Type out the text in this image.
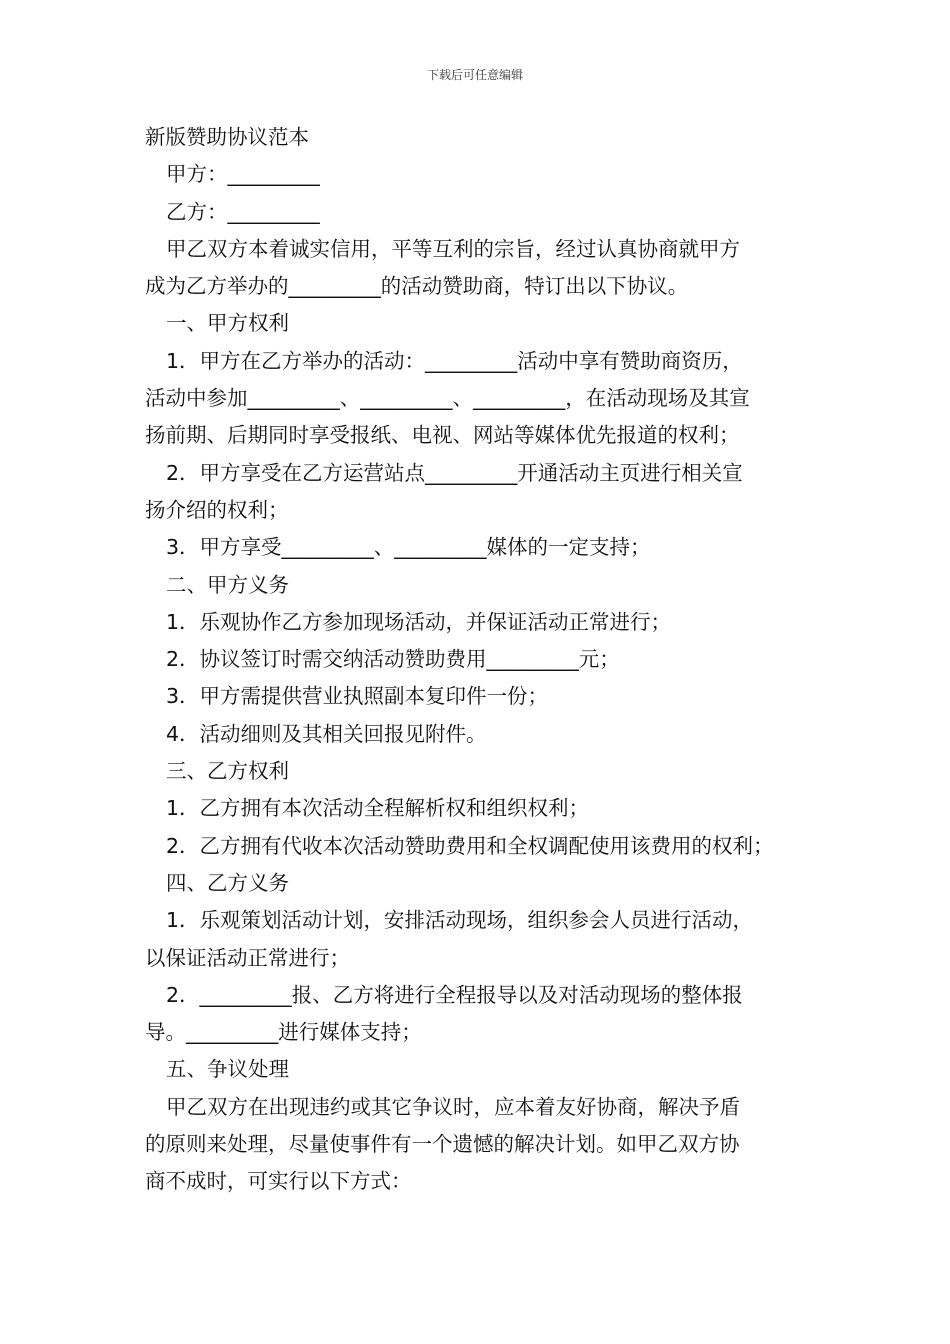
下载后可任意编辑

新版赞助协议范本

甲方：_________

乙方：_________

甲乙双方本着诚实信用，平等互利的宗旨，经过认真协商就甲方

成为乙方举办的_________的活动赞助商，特订出以下协议。

一、甲方权利

1．甲方在乙方举办的活动：_________活动中享有赞助商资历，

活动中参加_________、_________、_________，在活动现场及其宣

扬前期、后期同时享受报纸、电视、网站等媒体优先报道的权利；

2．甲方享受在乙方运营站点_________开通活动主页进行相关宣

扬介绍的权利；

3．甲方享受_________、_________媒体的一定支持；

二、甲方义务

1．乐观协作乙方参加现场活动，并保证活动正常进行；

2．协议签订时需交纳活动赞助费用_________元；

3．甲方需提供营业执照副本复印件一份；

4．活动细则及其相关回报见附件。

三、乙方权利

1．乙方拥有本次活动全程解析权和组织权利；

2．乙方拥有代收本次活动赞助费用和全权调配使用该费用的权利；

四、乙方义务

1．乐观策划活动计划，安排活动现场，组织参会人员进行活动，

以保证活动正常进行；

2．_________报、乙方将进行全程报导以及对活动现场的整体报

导。_________进行媒体支持；

五、争议处理

甲乙双方在出现违约或其它争议时，应本着友好协商，解决予盾

的原则来处理，尽量使事件有一个遗憾的解决计划。如甲乙双方协

商不成时，可实行以下方式：
